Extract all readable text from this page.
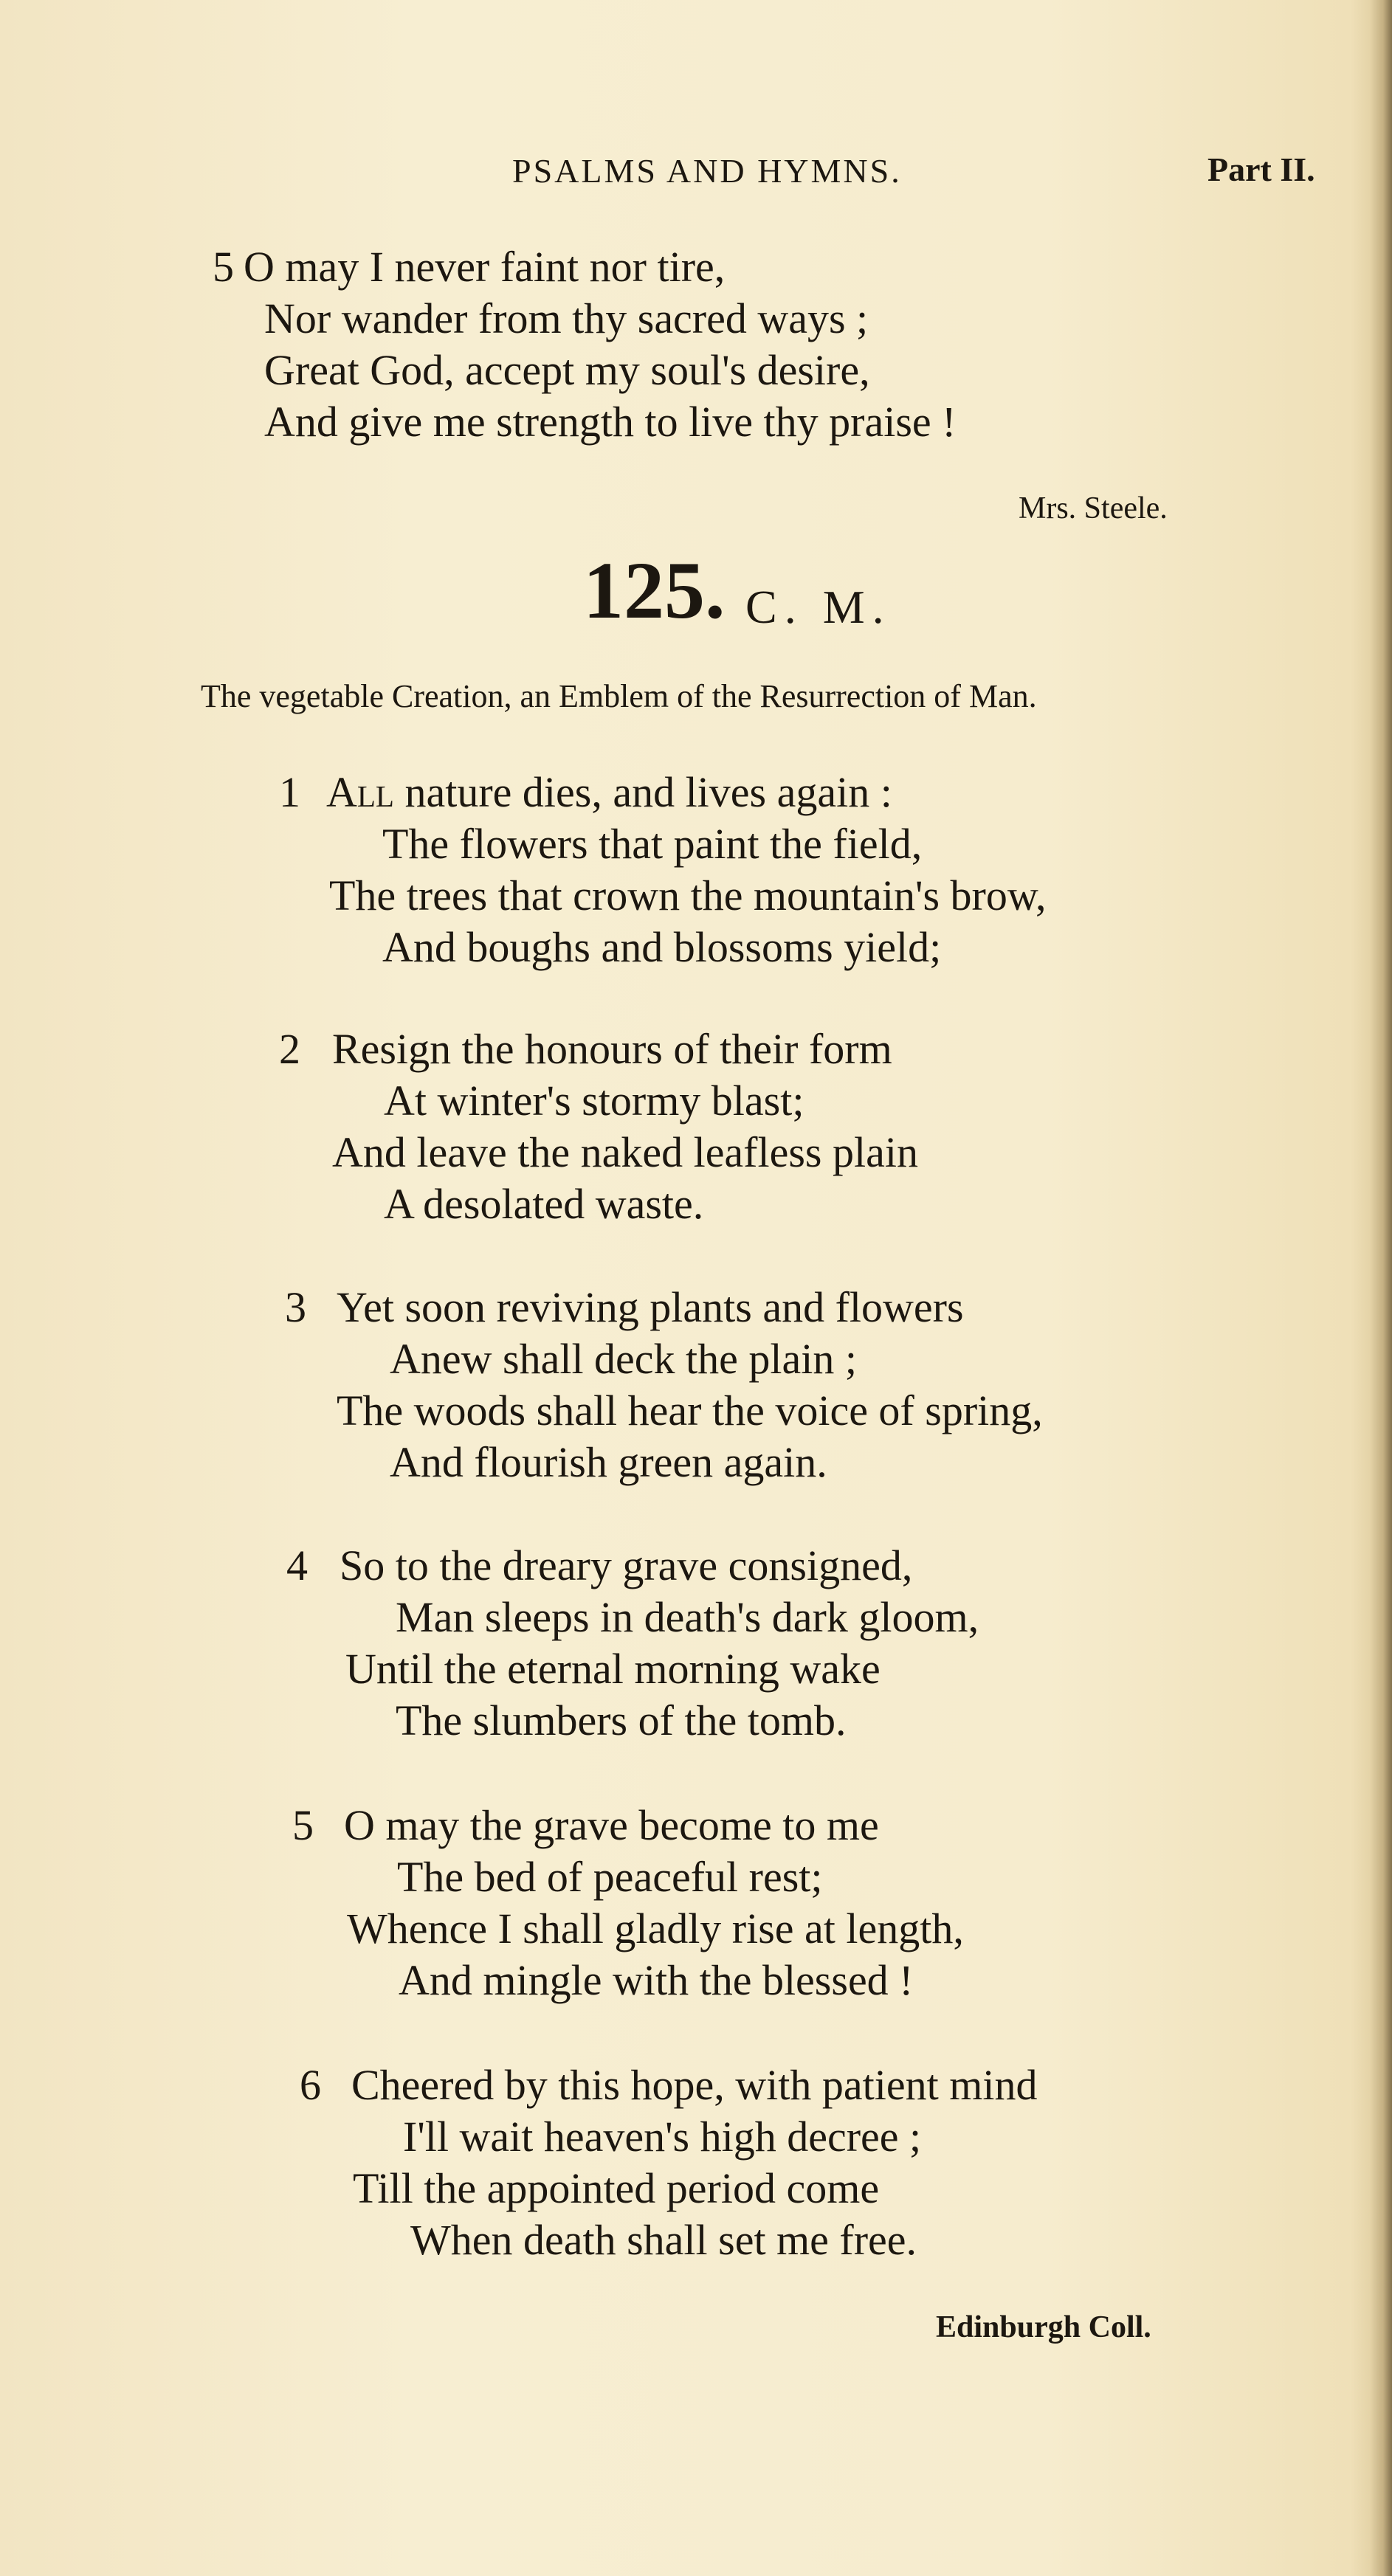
PSALMS AND HYMNS.	Part II.
5 O may I never faint nor tire,
Nor wander from thy sacred ways ;
Great God, accept my soul's desire,
And give me strength to live thy praise !
Mrs. Steele.
125. C. M.
The vegetable Creation, an Emblem of the Resurrection of Man.
1 All nature dies, and lives again :
The flowers that paint the field,
The trees that crown the mountain's brow,
And boughs and blossoms yield;
2 Resign the honours of their form
At winter's stormy blast;
And leave the naked leafless plain
A desolated waste.
3 Yet soon reviving plants and flowers
Anew shall deck the plain ;
The woods shall hear the voice of spring,
And flourish green again.
4 So to the dreary grave consigned,
Man sleeps in death's dark gloom,
Until the eternal morning wake
The slumbers of the tomb.
5 O may the grave become to me
The bed of peaceful rest;
Whence I shall gladly rise at length,
And mingle with the blessed !
6 Cheered by this hope, with patient mind
I'll wait heaven's high decree ;
Till the appointed period come
When death shall set me free.
Edinburgh Coll.
